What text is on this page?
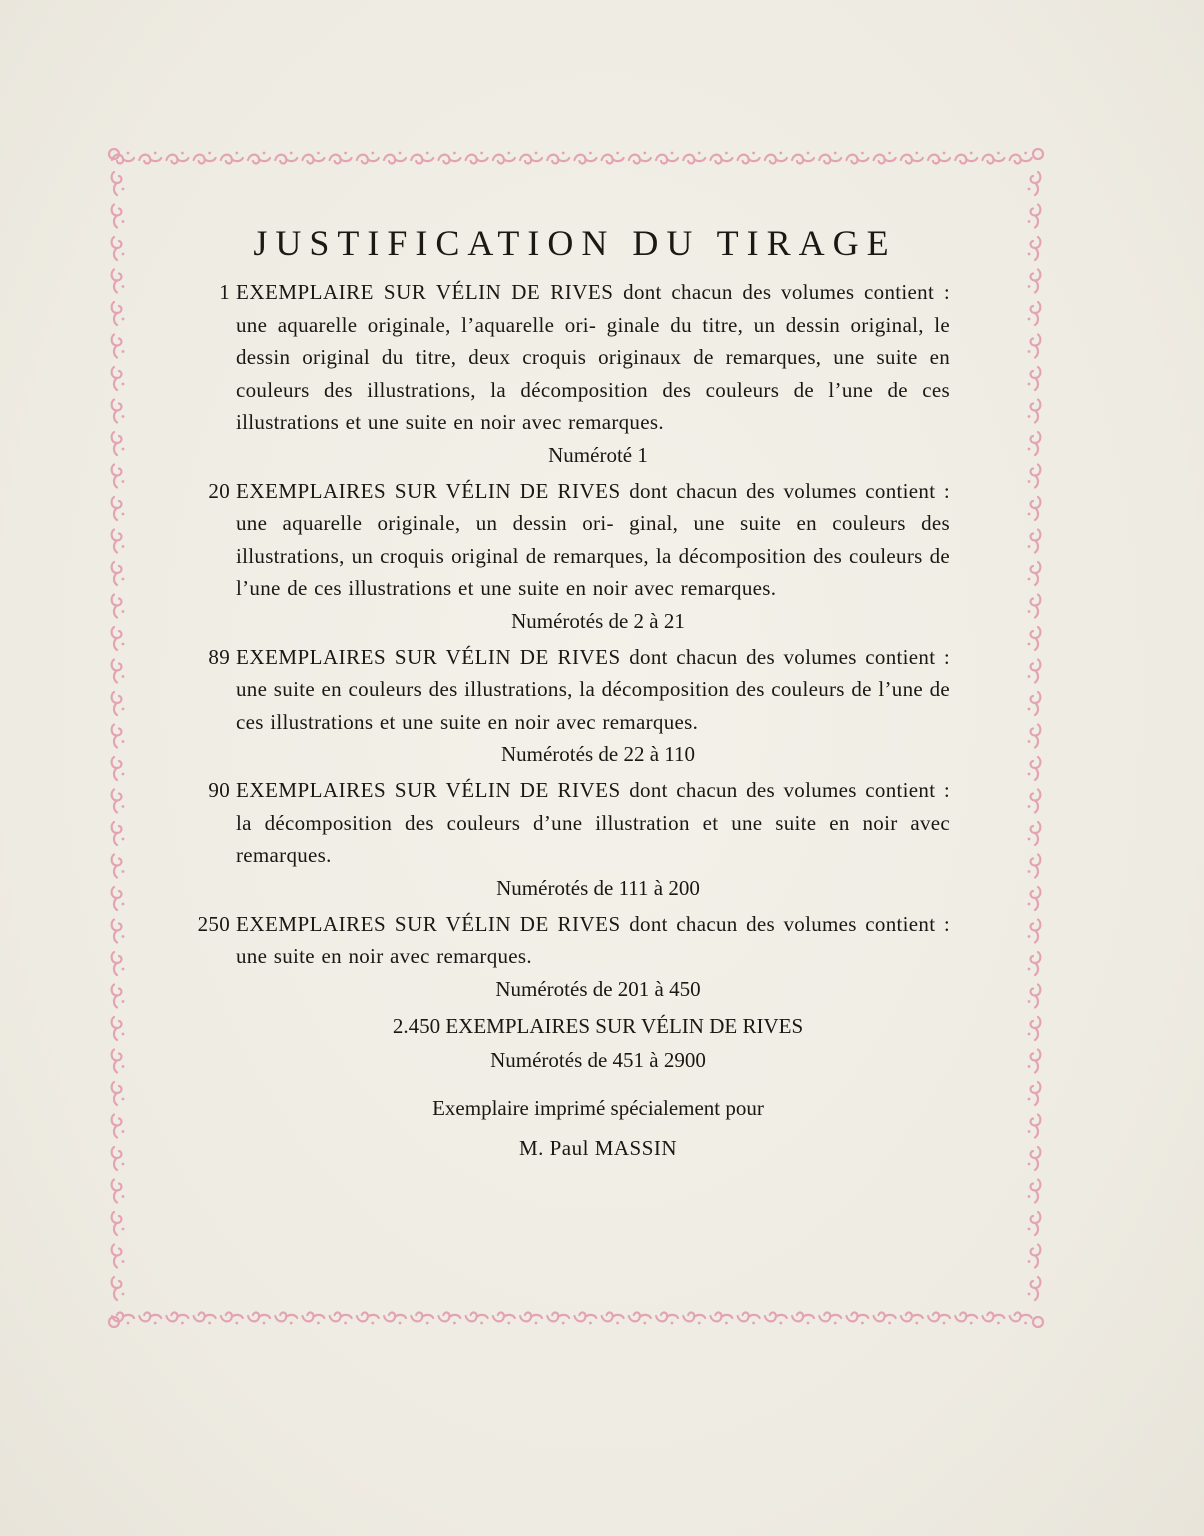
JUSTIFICATION DU TIRAGE
1 EXEMPLAIRE SUR VÉLIN DE RIVES dont chacun des volumes contient : une aquarelle originale, l’aquarelle ori- ginale du titre, un dessin original, le dessin original du titre, deux croquis originaux de remarques, une suite en couleurs des illustrations, la décomposition des couleurs de l’une de ces illustrations et une suite en noir avec remarques.
Numéroté 1
20 EXEMPLAIRES SUR VÉLIN DE RIVES dont chacun des volumes contient : une aquarelle originale, un dessin ori- ginal, une suite en couleurs des illustrations, un croquis original de remarques, la décomposition des couleurs de l’une de ces illustrations et une suite en noir avec remarques.
Numérotés de 2 à 21
89 EXEMPLAIRES SUR VÉLIN DE RIVES dont chacun des volumes contient : une suite en couleurs des illustrations, la décomposition des couleurs de l’une de ces illustrations et une suite en noir avec remarques.
Numérotés de 22 à 110
90 EXEMPLAIRES SUR VÉLIN DE RIVES dont chacun des volumes contient : la décomposition des couleurs d’une illustration et une suite en noir avec remarques.
Numérotés de 111 à 200
250 EXEMPLAIRES SUR VÉLIN DE RIVES dont chacun des volumes contient : une suite en noir avec remarques.
Numérotés de 201 à 450
2.450 EXEMPLAIRES SUR VÉLIN DE RIVES
Numérotés de 451 à 2900
Exemplaire imprimé spécialement pour
M. Paul MASSIN
